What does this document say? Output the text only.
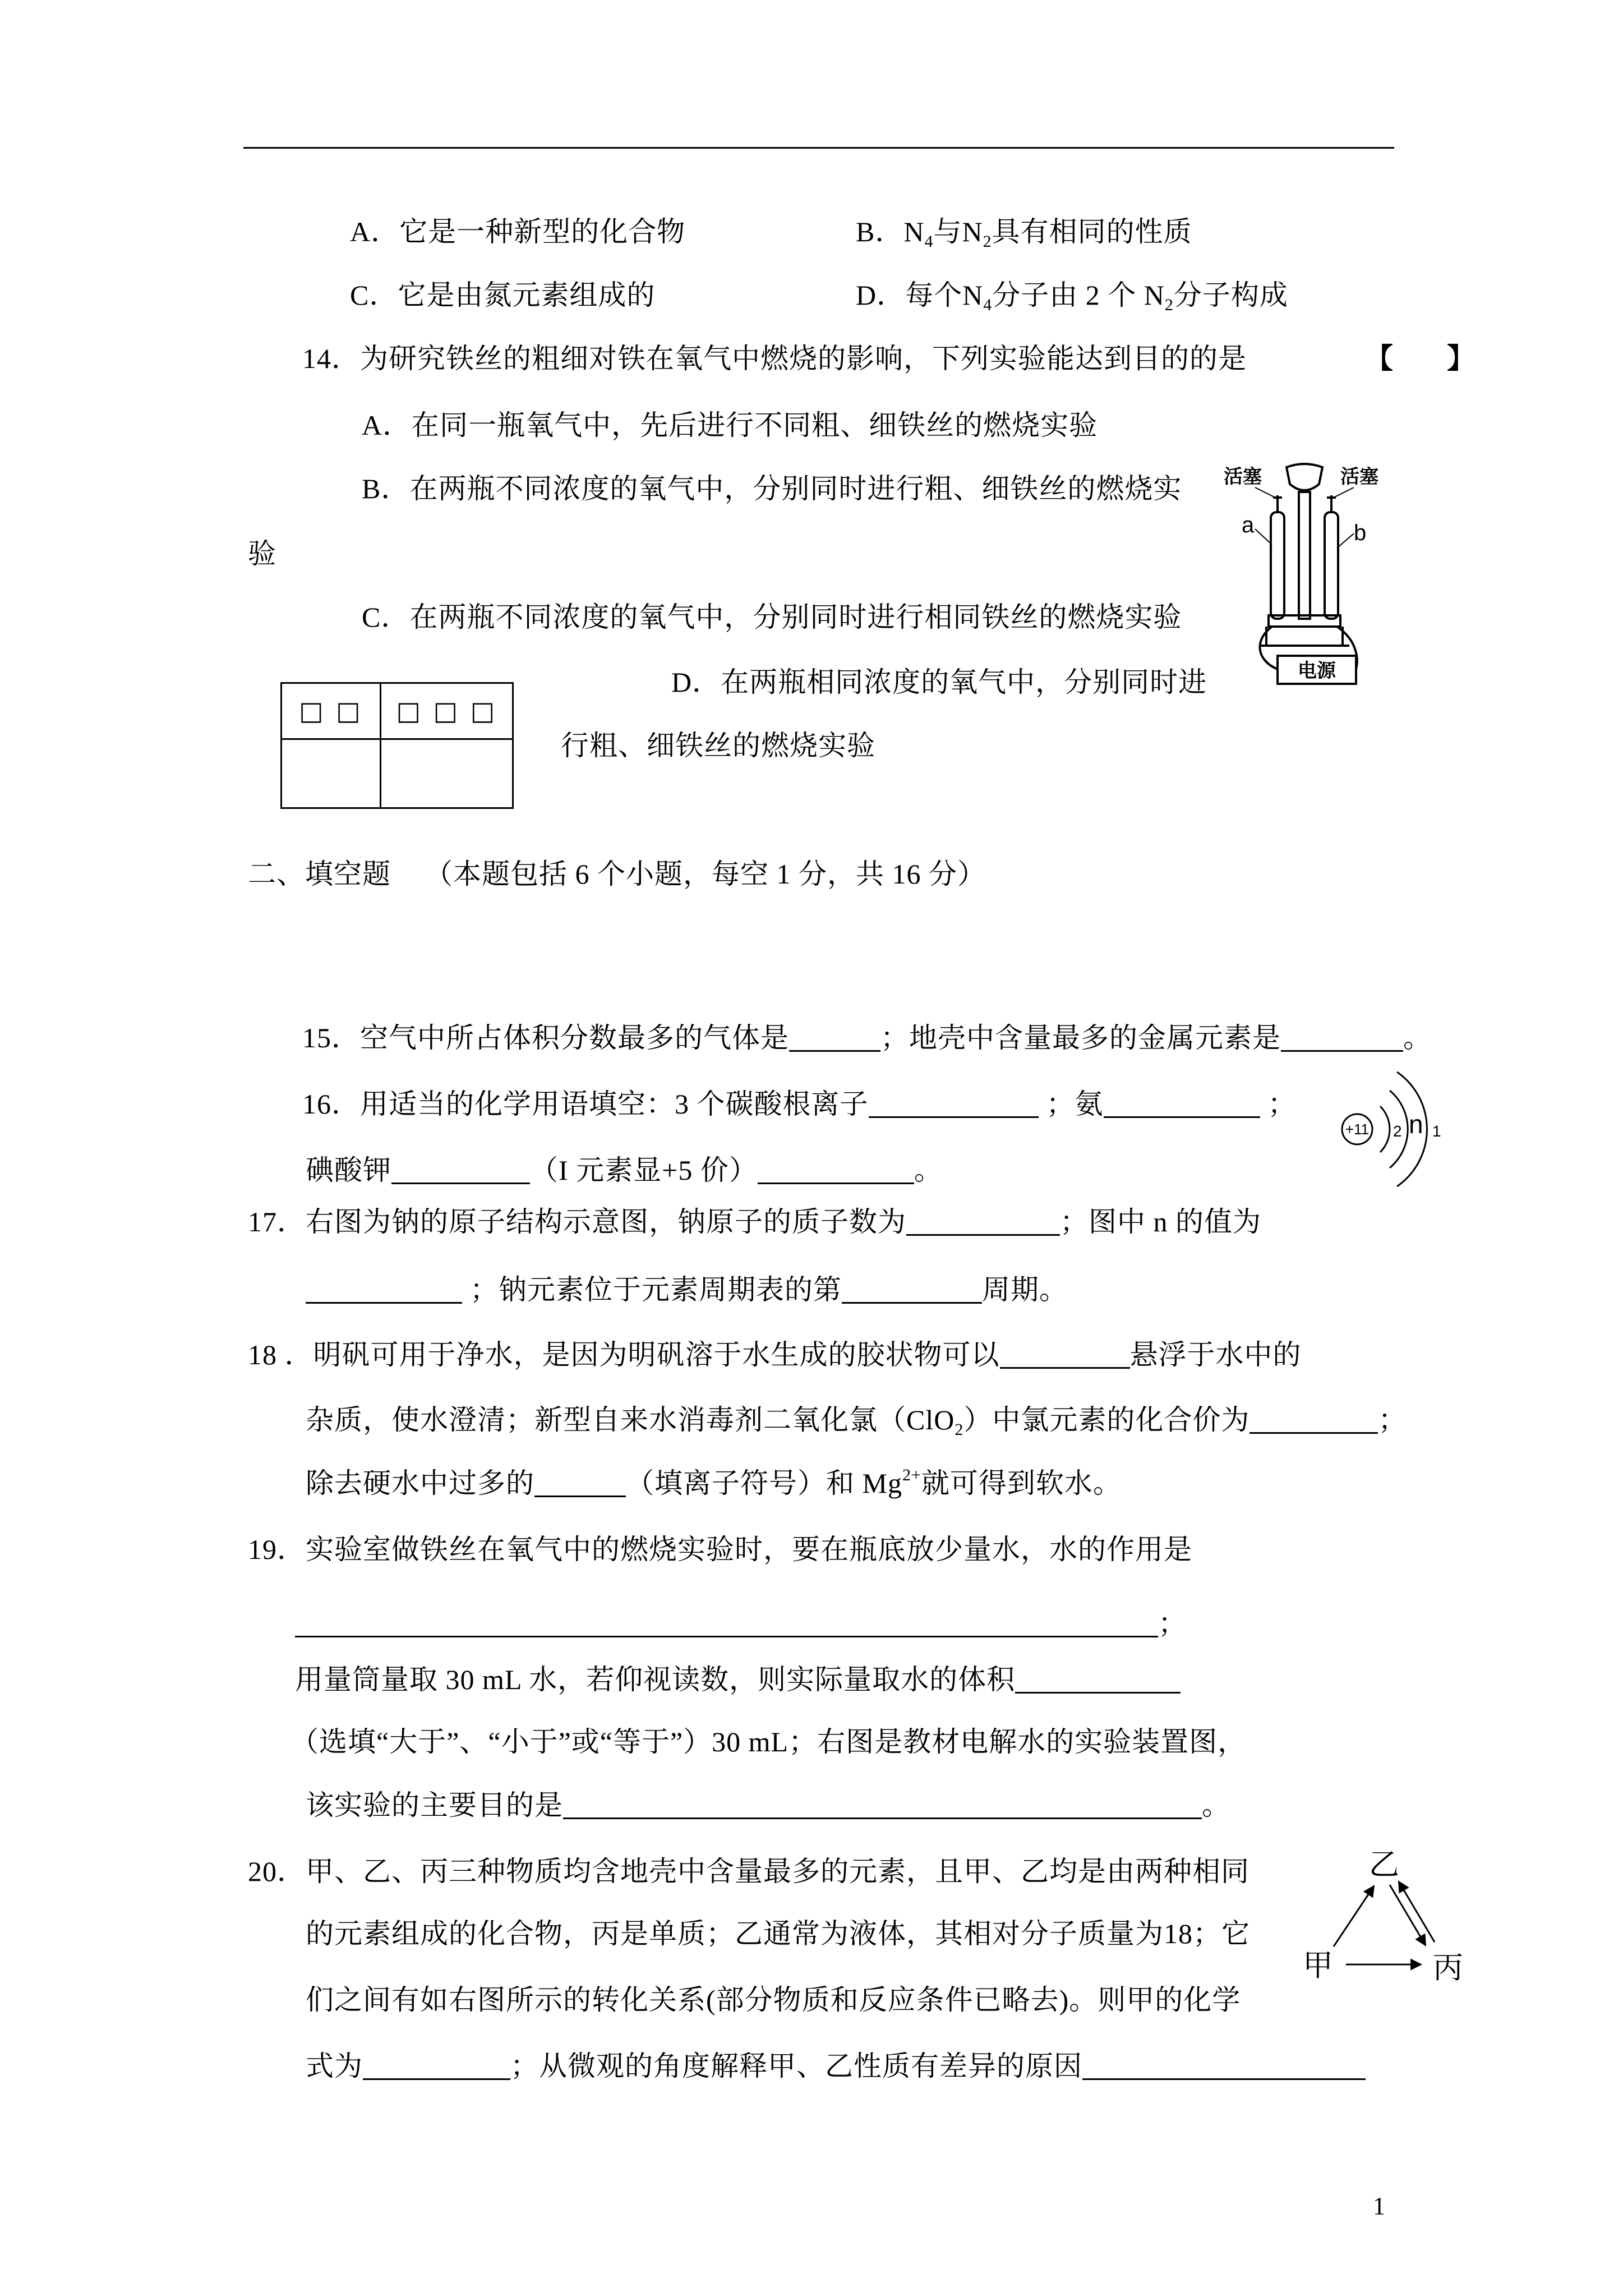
A．它是一种新型的化合物	B．$N_4$与$N_2$具有相同的性质
C．它是由氮元素组成的	D．每个$N_4$分子由 2 个 $N_2$分子构成
14．为研究铁丝的粗细对铁在氧气中燃烧的影响，下列实验能达到目的的是	【 】
A．在同一瓶氧气中，先后进行不同粗、细铁丝的燃烧实验
B．在两瓶不同浓度的氧气中，分别同时进行粗、细铁丝的燃烧实
验
C．在两瓶不同浓度的氧气中，分别同时进行相同铁丝的燃烧实验
D．在两瓶相同浓度的氧气中，分别同时进
行粗、细铁丝的燃烧实验
□ □	□ □ □
活塞	活塞
a	b
电源
二、填空题 （本题包括 6 个小题，每空 1 分，共 16 分）
15．空气中所占体积分数最多的气体是	；地壳中含量最多的金属元素是	。
16．用适当的化学用语填空：3 个碳酸根离子	；氨	；
碘酸钾	（I 元素显+5 价）	。
+11 2 n 1
17．右图为钠的原子结构示意图，钠原子的质子数为	；图中 n 的值为
；钠元素位于元素周期表的第	周期。
18 ．明矾可用于净水，是因为明矾溶于水生成的胶状物可以	悬浮于水中的
杂质，使水澄清；新型自来水消毒剂二氧化氯（ClO$_2$）中氯元素的化合价为	；
除去硬水中过多的	（填离子符号）和 $Mg^{2+}$就可得到软水。
19．实验室做铁丝在氧气中的燃烧实验时，要在瓶底放少量水，水的作用是
；
用量筒量取 30 mL 水，若仰视读数，则实际量取水的体积
（选填“大于”、“小于”或“等于”）30 mL；右图是教材电解水的实验装置图，
该实验的主要目的是	。
20．甲、乙、丙三种物质均含地壳中含量最多的元素，且甲、乙均是由两种相同
的元素组成的化合物，丙是单质；乙通常为液体，其相对分子质量为18；它
们之间有如右图所示的转化关系(部分物质和反应条件已略去)。则甲的化学
式为	；从微观的角度解释甲、乙性质有差异的原因
乙
甲	丙
1
